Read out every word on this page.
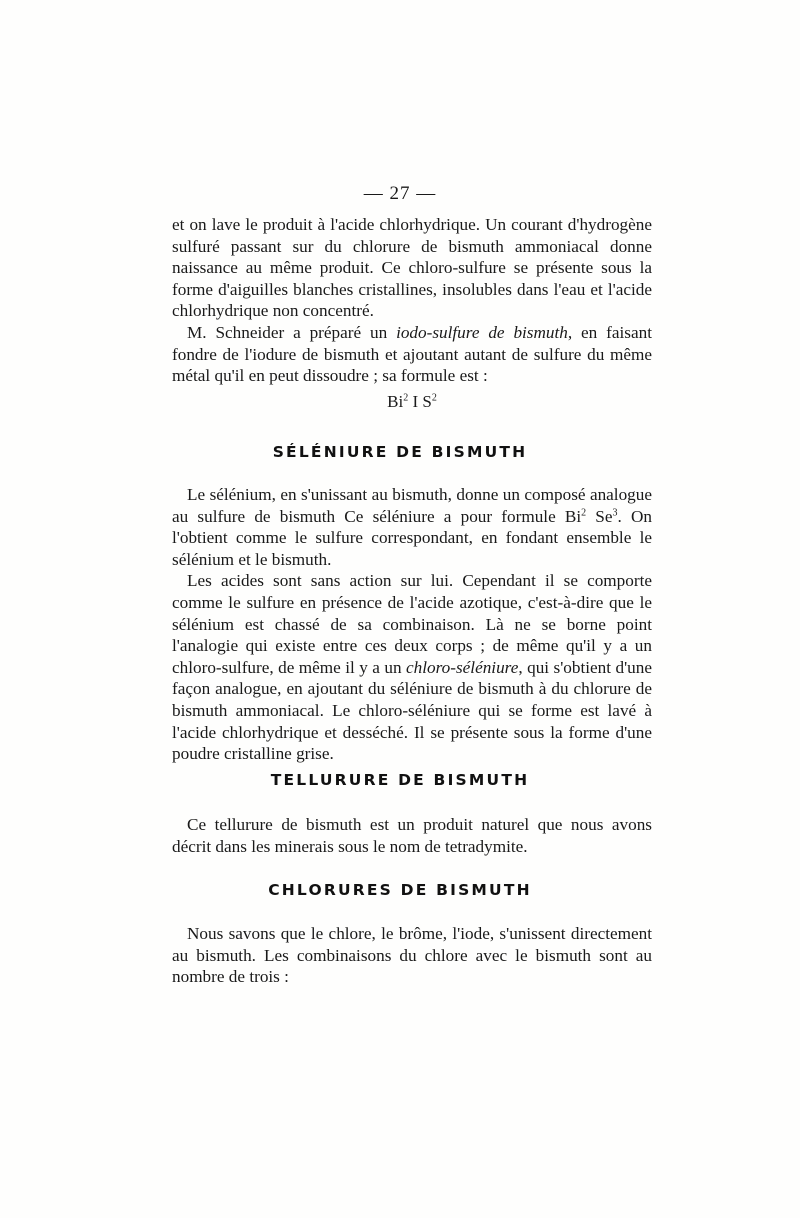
— 27 —

et on lave le produit à l'acide chlorhydrique. Un courant d'hydrogène sulfuré passant sur du chlorure de bismuth ammoniacal donne naissance au même produit. Ce chloro-sulfure se présente sous la forme d'aiguilles blanches cristallines, insolubles dans l'eau et l'acide chlorhydrique non concentré.

M. Schneider a préparé un iodo-sulfure de bismuth, en faisant fondre de l'iodure de bismuth et ajoutant autant de sulfure du même métal qu'il en peut dissoudre ; sa formule est :

Bi$^2$ I $S^2$
SÉLÉNIURE DE BISMUTH

Le sélénium, en s'unissant au bismuth, donne un composé analogue au sulfure de bismuth Ce séléniure a pour formule Bi$^2$ Se$^3$. On l'obtient comme le sulfure correspondant, en fondant ensemble le sélénium et le bismuth.

Les acides sont sans action sur lui. Cependant il se comporte comme le sulfure en présence de l'acide azotique, c'est-à-dire que le sélénium est chassé de sa combinaison. Là ne se borne point l'analogie qui existe entre ces deux corps ; de même qu'il y a un chloro-sulfure, de même il y a un chloro-séléniure, qui s'obtient d'une façon analogue, en ajoutant du séléniure de bismuth à du chlorure de bismuth ammoniacal. Le chloro-séléniure qui se forme est lavé à l'acide chlorhydrique et desséché. Il se présente sous la forme d'une poudre cristalline grise.

TELLURURE DE BISMUTH

Ce tellurure de bismuth est un produit naturel que nous avons décrit dans les minerais sous le nom de tetradymite.

CHLORURES DE BISMUTH

Nous savons que le chlore, le brôme, l'iode, s'unissent directement au bismuth. Les combinaisons du chlore avec le bismuth sont au nombre de trois :
